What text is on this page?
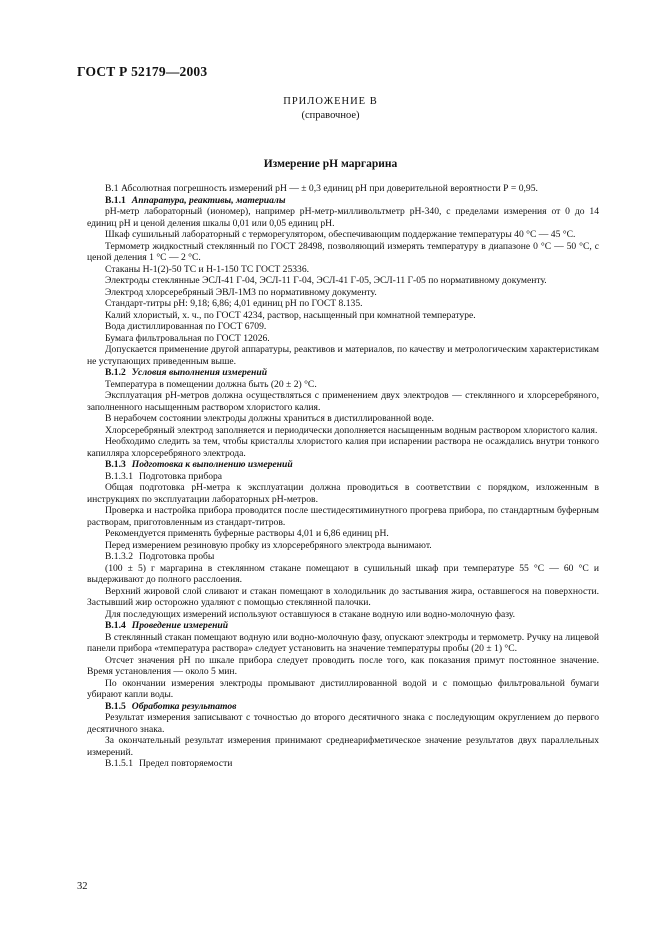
ГОСТ Р 52179—2003
ПРИЛОЖЕНИЕ В
(справочное)
Измерение рН маргарина

В.1 Абсолютная погрешность измерений рН — ± 0,3 единиц рН при доверительной вероятности Р = 0,95.

В.1.1 Аппаратура, реактивы, материалы

рН-метр лабораторный (иономер), например рН-метр-милливольтметр рН-340, с пределами измерения от 0 до 14 единиц рН и ценой деления шкалы 0,01 или 0,05 единиц рН.

Шкаф сушильный лабораторный с терморегулятором, обеспечивающим поддержание температуры 40 °С — 45 °С.

Термометр жидкостный стеклянный по ГОСТ 28498, позволяющий измерять температуру в диапазоне 0 °С — 50 °С, с ценой деления 1 °С — 2 °С.

Стаканы Н-1(2)-50 ТС и Н-1-150 ТС ГОСТ 25336.

Электроды стеклянные ЭСЛ-41 Г-04, ЭСЛ-11 Г-04, ЭСЛ-41 Г-05, ЭСЛ-11 Г-05 по нормативному документу.

Электрод хлорсеребряный ЭВЛ-1М3 по нормативному документу.

Стандарт-титры рН: 9,18; 6,86; 4,01 единиц рН по ГОСТ 8.135.

Калий хлористый, х. ч., по ГОСТ 4234, раствор, насыщенный при комнатной температуре.

Вода дистиллированная по ГОСТ 6709.

Бумага фильтровальная по ГОСТ 12026.

Допускается применение другой аппаратуры, реактивов и материалов, по качеству и метрологическим характеристикам не уступающих приведенным выше.

В.1.2 Условия выполнения измерений

Температура в помещении должна быть (20 ± 2) °С.

Эксплуатация рН-метров должна осуществляться с применением двух электродов — стеклянного и хлорсеребряного, заполненного насыщенным раствором хлористого калия.

В нерабочем состоянии электроды должны храниться в дистиллированной воде.

Хлорсеребряный электрод заполняется и периодически дополняется насыщенным водным раствором хлористого калия.

Необходимо следить за тем, чтобы кристаллы хлористого калия при испарении раствора не осаждались внутри тонкого капилляра хлорсеребряного электрода.

В.1.3 Подготовка к выполнению измерений

В.1.3.1 Подготовка прибора

Общая подготовка рН-метра к эксплуатации должна проводиться в соответствии с порядком, изложенным в инструкциях по эксплуатации лабораторных рН-метров.

Проверка и настройка прибора проводится после шестидесятиминутного прогрева прибора, по стандартным буферным растворам, приготовленным из стандарт-титров.

Рекомендуется применять буферные растворы 4,01 и 6,86 единиц рН.

Перед измерением резиновую пробку из хлорсеребряного электрода вынимают.

В.1.3.2 Подготовка пробы

(100 ± 5) г маргарина в стеклянном стакане помещают в сушильный шкаф при температуре 55 °С — 60 °С и выдерживают до полного расслоения.

Верхний жировой слой сливают и стакан помещают в холодильник до застывания жира, оставшегося на поверхности. Застывший жир осторожно удаляют с помощью стеклянной палочки.

Для последующих измерений используют оставшуюся в стакане водную или водно-молочную фазу.

В.1.4 Проведение измерений

В стеклянный стакан помещают водную или водно-молочную фазу, опускают электроды и термометр. Ручку на лицевой панели прибора «температура раствора» следует установить на значение температуры пробы (20 ± 1) °С.

Отсчет значения рН по шкале прибора следует проводить после того, как показания примут постоянное значение. Время установления — около 5 мин.

По окончании измерения электроды промывают дистиллированной водой и с помощью фильтровальной бумаги убирают капли воды.

В.1.5 Обработка результатов

Результат измерения записывают с точностью до второго десятичного знака с последующим округлением до первого десятичного знака.

За окончательный результат измерения принимают среднеарифметическое значение результатов двух параллельных измерений.

В.1.5.1 Предел повторяемости

32
